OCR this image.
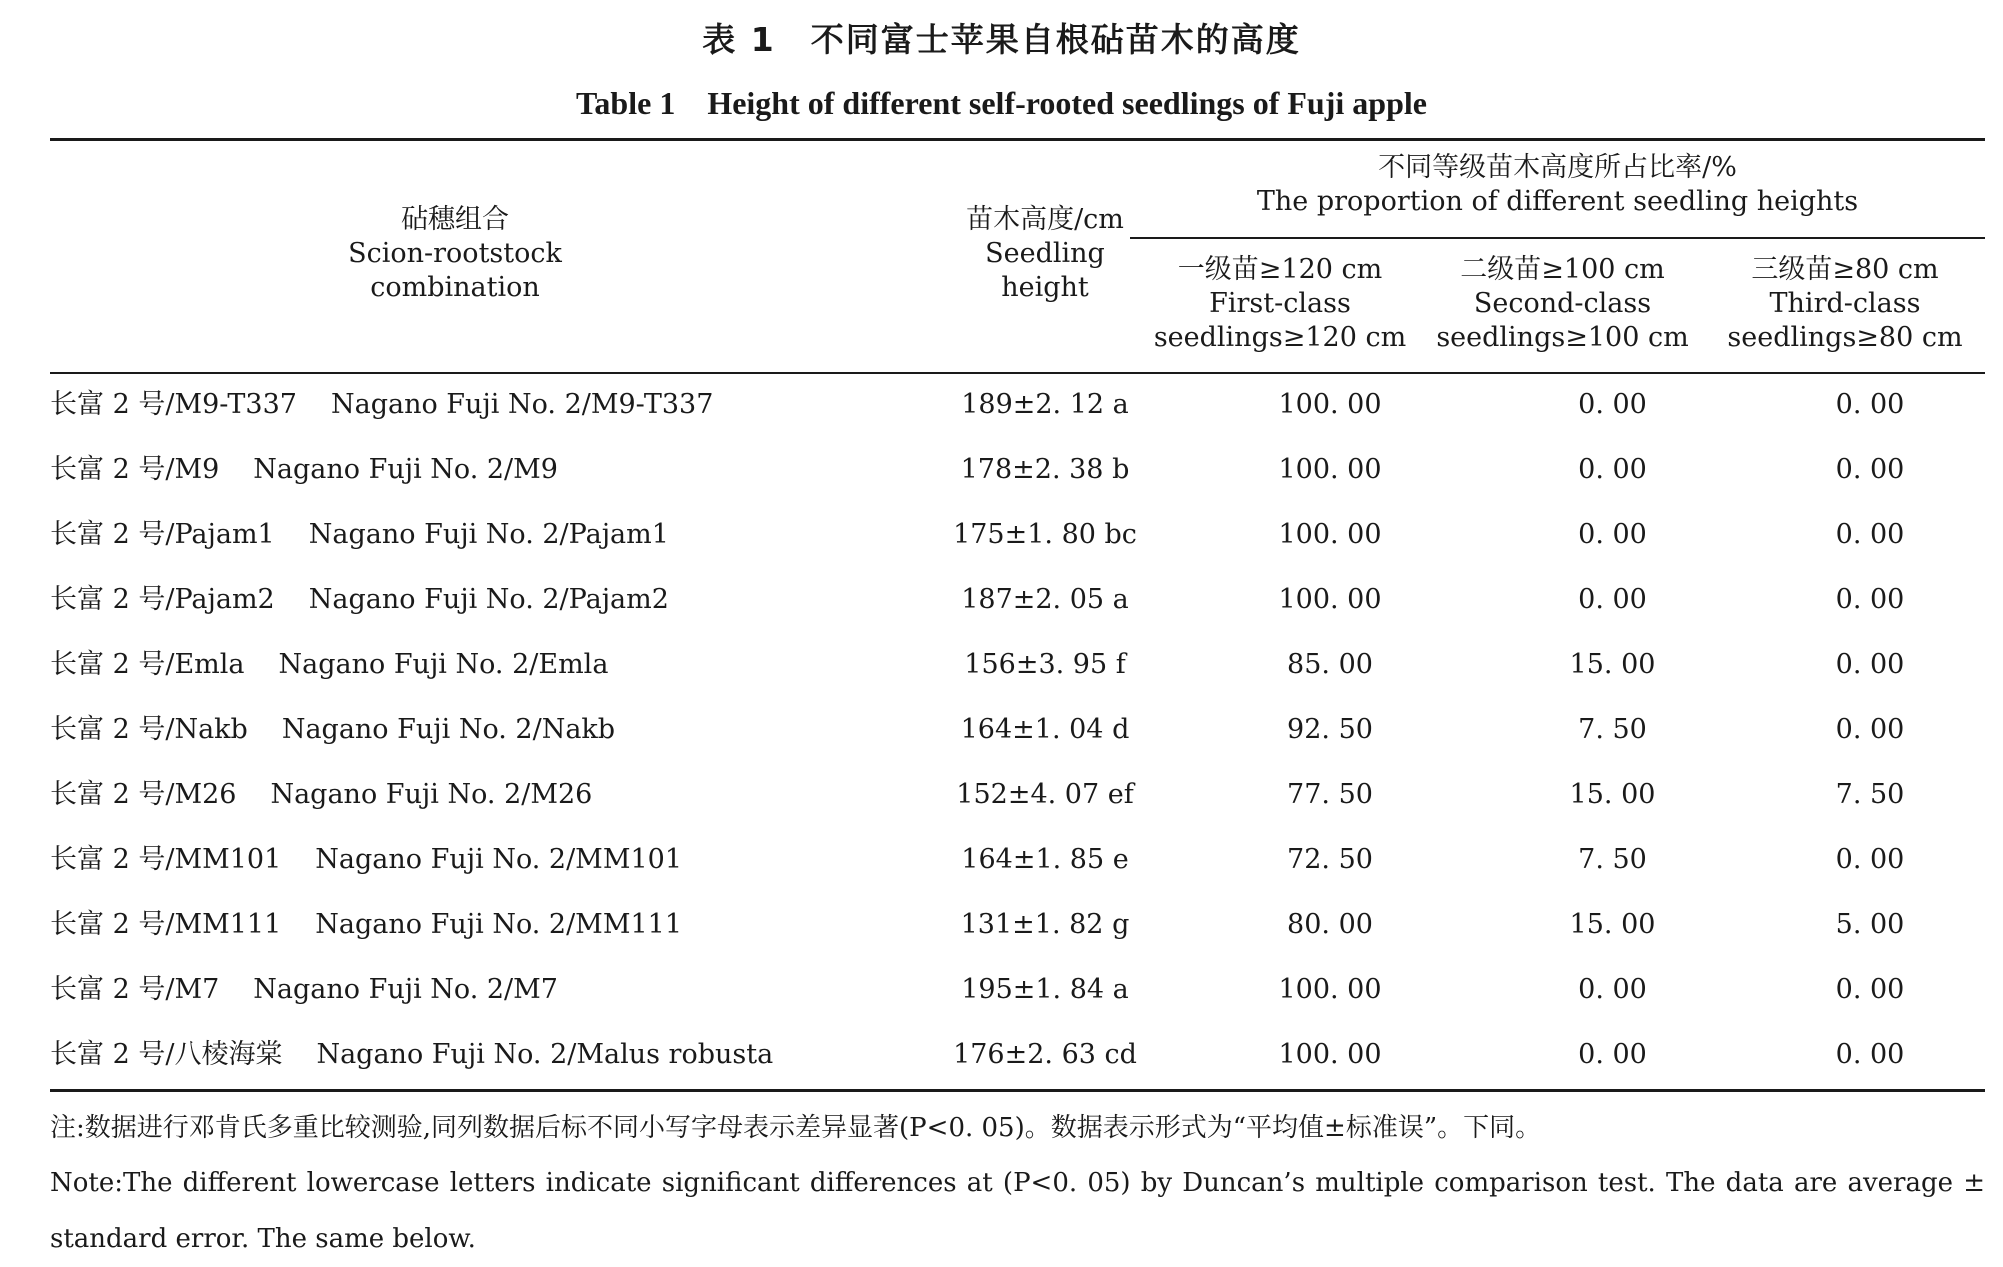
表 1　不同富士苹果自根砧苗木的高度
Table 1　Height of different self-rooted seedlings of Fuji apple
砧穗组合
Scion-rootstock
combination
苗木高度/cm
Seedling
height
不同等级苗木高度所占比率/%
The proportion of different seedling heights
一级苗≥120 cm
First-class
seedlings≥120 cm
二级苗≥100 cm
Second-class
seedlings≥100 cm
三级苗≥80 cm
Third-class
seedlings≥80 cm
长富 2 号/M9-T337 Nagano Fuji No. 2/M9-T337	189±2. 12 a	100. 00	0. 00	0. 00
长富 2 号/M9 Nagano Fuji No. 2/M9	178±2. 38 b	100. 00	0. 00	0. 00
长富 2 号/Pajam1 Nagano Fuji No. 2/Pajam1	175±1. 80 bc	100. 00	0. 00	0. 00
长富 2 号/Pajam2 Nagano Fuji No. 2/Pajam2	187±2. 05 a	100. 00	0. 00	0. 00
长富 2 号/Emla Nagano Fuji No. 2/Emla	156±3. 95 f	85. 00	15. 00	0. 00
长富 2 号/Nakb Nagano Fuji No. 2/Nakb	164±1. 04 d	92. 50	7. 50	0. 00
长富 2 号/M26 Nagano Fuji No. 2/M26	152±4. 07 ef	77. 50	15. 00	7. 50
长富 2 号/MM101 Nagano Fuji No. 2/MM101	164±1. 85 e	72. 50	7. 50	0. 00
长富 2 号/MM111 Nagano Fuji No. 2/MM111	131±1. 82 g	80. 00	15. 00	5. 00
长富 2 号/M7 Nagano Fuji No. 2/M7	195±1. 84 a	100. 00	0. 00	0. 00
长富 2 号/八棱海棠 Nagano Fuji No. 2/Malus robusta	176±2. 63 cd	100. 00	0. 00	0. 00
注:数据进行邓肯氏多重比较测验,同列数据后标不同小写字母表示差异显著(P<0. 05)。数据表示形式为“平均值±标准误”。下同。
Note:The different lowercase letters indicate significant differences at (P<0. 05) by Duncan’s multiple comparison test. The data are average ± standard error. The same below.
